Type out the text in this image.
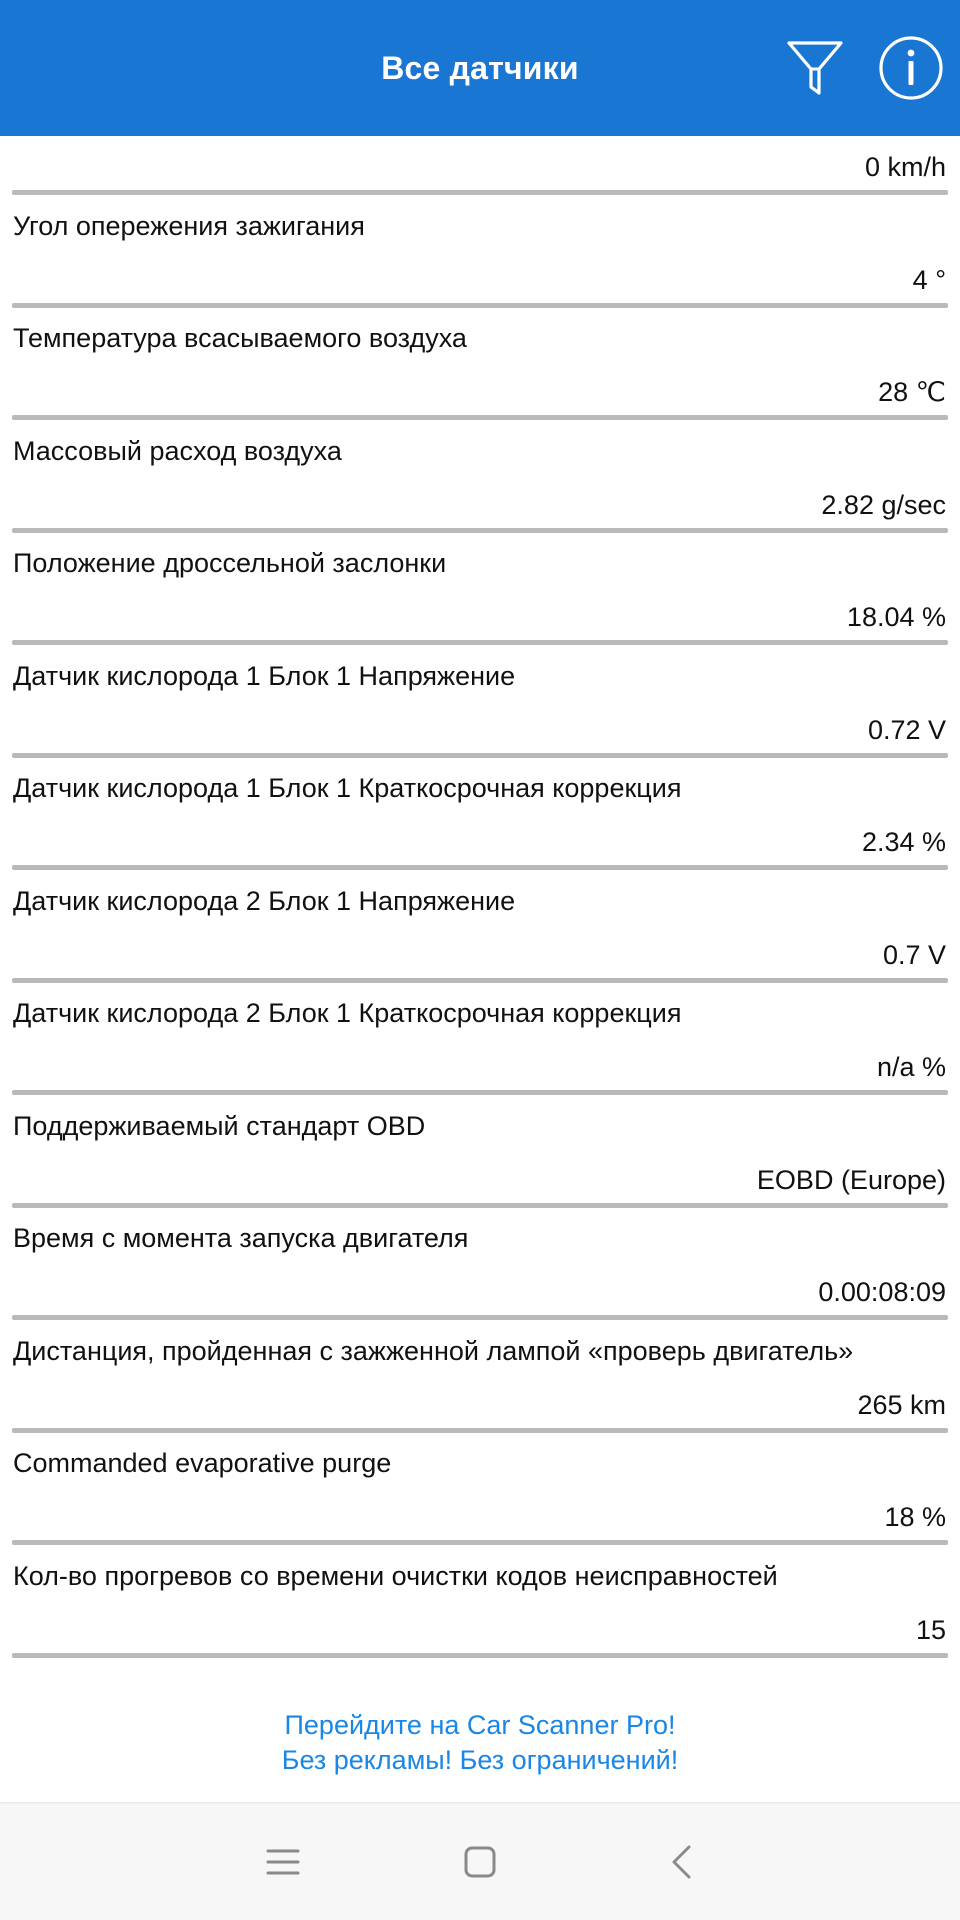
Все датчики
0 km/h
Угол опережения зажигания
4 °
Температура всасываемого воздуха
28 ℃
Массовый расход воздуха
2.82 g/sec
Положение дроссельной заслонки
18.04 %
Датчик кислорода 1 Блок 1 Напряжение
0.72 V
Датчик кислорода 1 Блок 1 Краткосрочная коррекция
2.34 %
Датчик кислорода 2 Блок 1 Напряжение
0.7 V
Датчик кислорода 2 Блок 1 Краткосрочная коррекция
n/a %
Поддерживаемый стандарт OBD
EOBD (Europe)
Время с момента запуска двигателя
0.00:08:09
Дистанция, пройденная с зажженной лампой «проверь двигатель»
265 km
Commanded evaporative purge
18 %
Кол-во прогревов со времени очистки кодов неисправностей
15
Перейдите на Car Scanner Pro!
Без рекламы! Без ограничений!
